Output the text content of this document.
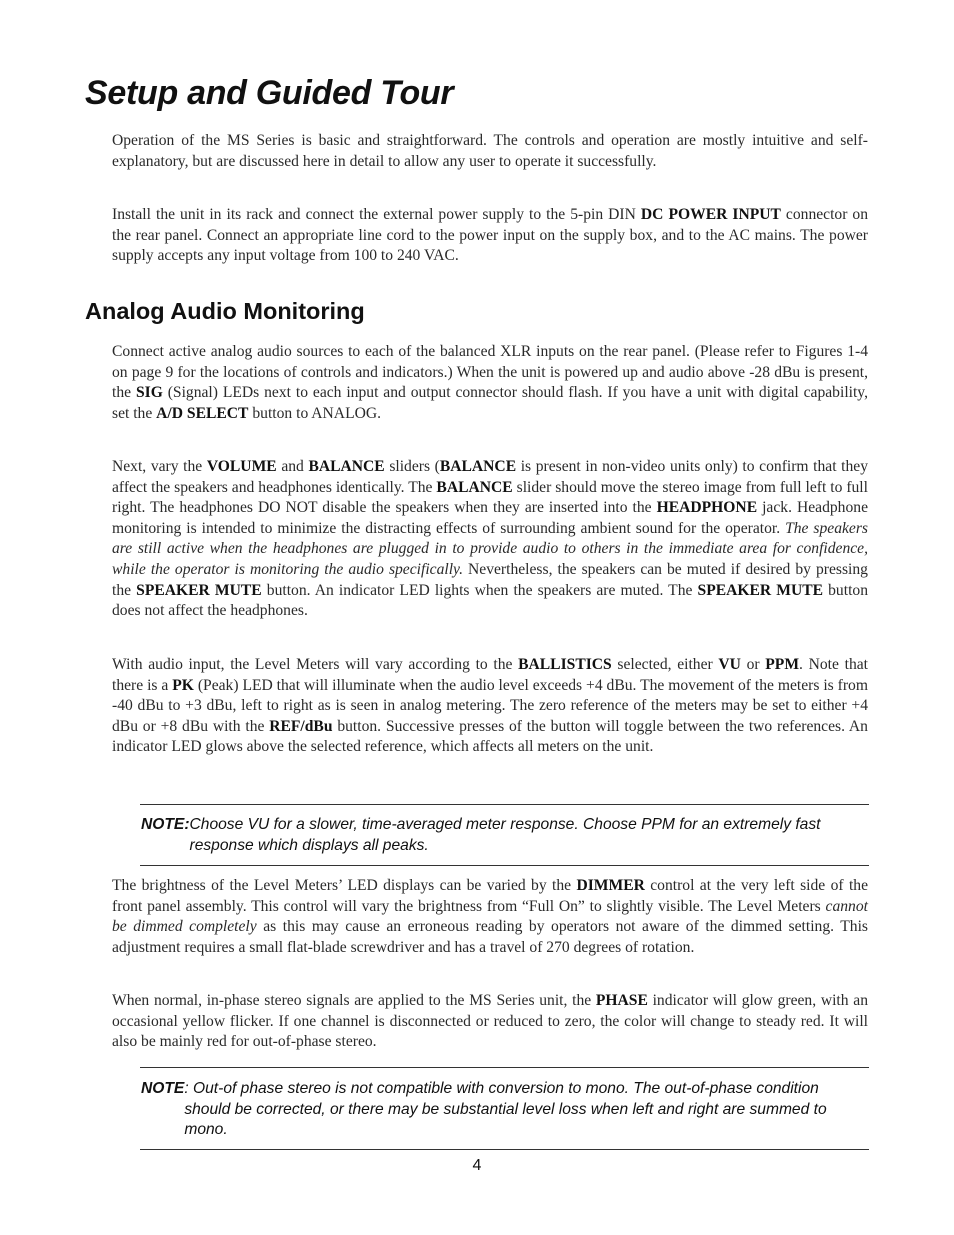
Setup and Guided Tour

Operation of the MS Series is basic and straightforward. The controls and operation are mostly intuitive and self-explanatory, but are discussed here in detail to allow any user to operate it successfully.

Install the unit in its rack and connect the external power supply to the 5-pin DIN DC POWER INPUT connector on the rear panel. Connect an appropriate line cord to the power input on the supply box, and to the AC mains. The power supply accepts any input voltage from 100 to 240 VAC.

Analog Audio Monitoring

Connect active analog audio sources to each of the balanced XLR inputs on the rear panel. (Please refer to Figures 1-4 on page 9 for the locations of controls and indicators.) When the unit is powered up and audio above -28 dBu is present, the SIG (Signal) LEDs next to each input and output connector should flash. If you have a unit with digital capability, set the A/D SELECT button to ANALOG.

Next, vary the VOLUME and BALANCE sliders (BALANCE is present in non-video units only) to confirm that they affect the speakers and headphones identically. The BALANCE slider should move the stereo image from full left to full right. The headphones DO NOT disable the speakers when they are inserted into the HEADPHONE jack. Headphone monitoring is intended to minimize the distracting effects of surrounding ambient sound for the operator. The speakers are still active when the headphones are plugged in to provide audio to others in the immediate area for confidence, while the operator is monitoring the audio specifically. Nevertheless, the speakers can be muted if desired by pressing the SPEAKER MUTE button. An indicator LED lights when the speakers are muted. The SPEAKER MUTE button does not affect the headphones.

With audio input, the Level Meters will vary according to the BALLISTICS selected, either VU or PPM. Note that there is a PK (Peak) LED that will illuminate when the audio level exceeds +4 dBu. The movement of the meters is from -40 dBu to +3 dBu, left to right as is seen in analog metering. The zero reference of the meters may be set to either +4 dBu or +8 dBu with the REF/dBu button. Successive presses of the button will toggle between the two references. An indicator LED glows above the selected reference, which affects all meters on the unit.

NOTE: Choose VU for a slower, time-averaged meter response. Choose PPM for an extremely fast response which displays all peaks.

The brightness of the Level Meters’ LED displays can be varied by the DIMMER control at the very left side of the front panel assembly. This control will vary the brightness from “Full On” to slightly visible. The Level Meters cannot be dimmed completely as this may cause an erroneous reading by operators not aware of the dimmed setting. This adjustment requires a small flat-blade screwdriver and has a travel of 270 degrees of rotation.

When normal, in-phase stereo signals are applied to the MS Series unit, the PHASE indicator will glow green, with an occasional yellow flicker. If one channel is disconnected or reduced to zero, the color will change to steady red. It will also be mainly red for out-of-phase stereo.

NOTE : Out-of phase stereo is not compatible with conversion to mono. The out-of-phase condition should be corrected, or there may be substantial level loss when left and right are summed to mono.
4
